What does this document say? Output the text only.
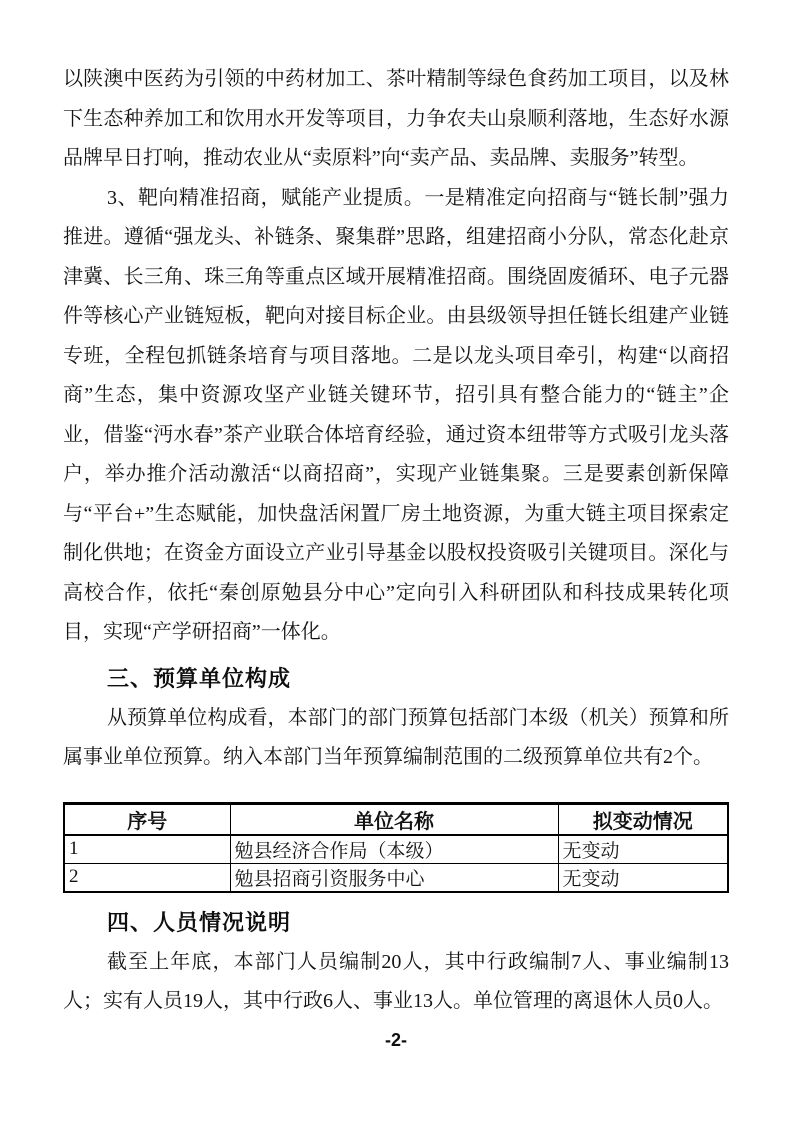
以陕澳中医药为引领的中药材加工、茶叶精制等绿色食药加工项目，以及林下生态种养加工和饮用水开发等项目，力争农夫山泉顺利落地，生态好水源品牌早日打响，推动农业从“卖原料”向“卖产品、卖品牌、卖服务”转型。

3、靶向精准招商，赋能产业提质。一是精准定向招商与“链长制”强力推进。遵循“强龙头、补链条、聚集群”思路，组建招商小分队，常态化赴京津冀、长三角、珠三角等重点区域开展精准招商。围绕固废循环、电子元器件等核心产业链短板，靶向对接目标企业。由县级领导担任链长组建产业链专班，全程包抓链条培育与项目落地。二是以龙头项目牵引，构建“以商招商”生态，集中资源攻坚产业链关键环节，招引具有整合能力的“链主”企业，借鉴“沔水春”茶产业联合体培育经验，通过资本纽带等方式吸引龙头落户，举办推介活动激活“以商招商”，实现产业链集聚。三是要素创新保障与“平台+”生态赋能，加快盘活闲置厂房土地资源，为重大链主项目探索定制化供地；在资金方面设立产业引导基金以股权投资吸引关键项目。深化与高校合作，依托“秦创原勉县分中心”定向引入科研团队和科技成果转化项目，实现“产学研招商”一体化。

三、预算单位构成

从预算单位构成看，本部门的部门预算包括部门本级（机关）预算和所属事业单位预算。纳入本部门当年预算编制范围的二级预算单位共有2个。

序号	单位名称	拟变动情况
1	勉县经济合作局（本级）	无变动
2	勉县招商引资服务中心	无变动
四、人员情况说明

截至上年底，本部门人员编制20人，其中行政编制7人、事业编制13人；实有人员19人，其中行政6人、事业13人。单位管理的离退休人员0人。

-2-
